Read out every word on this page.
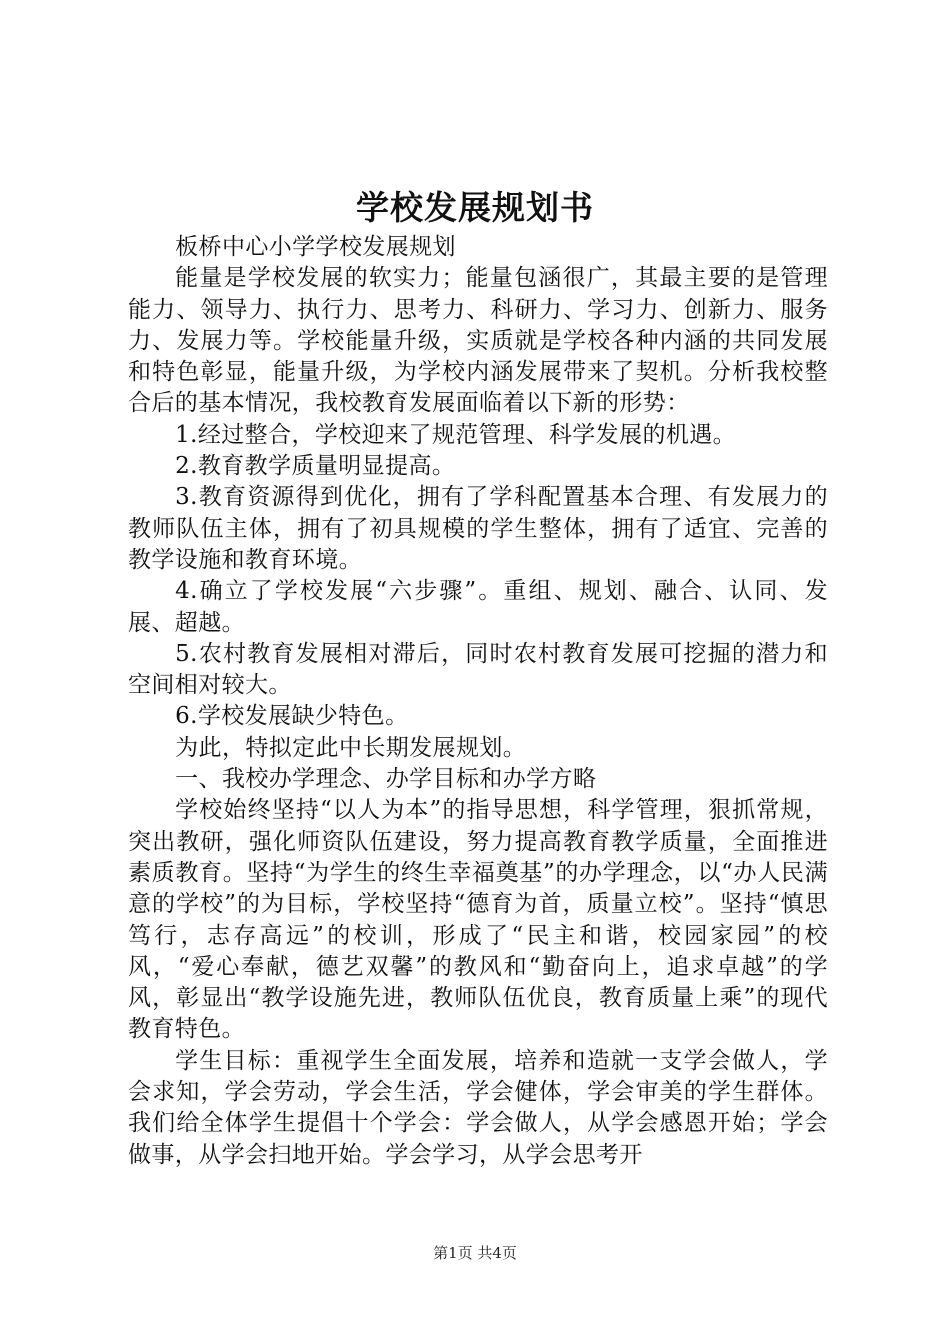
学校发展规划书

板桥中心小学学校发展规划

能量是学校发展的软实力；能量包涵很广，其最主要的是管理能力、领导力、执行力、思考力、科研力、学习力、创新力、服务力、发展力等。学校能量升级，实质就是学校各种内涵的共同发展和特色彰显，能量升级，为学校内涵发展带来了契机。分析我校整合后的基本情况，我校教育发展面临着以下新的形势：

1.经过整合，学校迎来了规范管理、科学发展的机遇。

2.教育教学质量明显提高。

3.教育资源得到优化，拥有了学科配置基本合理、有发展力的教师队伍主体，拥有了初具规模的学生整体，拥有了适宜、完善的教学设施和教育环境。

4.确立了学校发展“六步骤”。重组、规划、融合、认同、发展、超越。

5.农村教育发展相对滞后，同时农村教育发展可挖掘的潜力和空间相对较大。

6.学校发展缺少特色。

为此，特拟定此中长期发展规划。

一、我校办学理念、办学目标和办学方略

学校始终坚持“以人为本”的指导思想，科学管理，狠抓常规，突出教研，强化师资队伍建设，努力提高教育教学质量，全面推进素质教育。坚持“为学生的终生幸福奠基”的办学理念，以“办人民满意的学校”的为目标，学校坚持“德育为首，质量立校”。坚持“慎思笃行，志存高远”的校训，形成了“民主和谐，校园家园”的校风，“爱心奉献，德艺双馨”的教风和“勤奋向上，追求卓越”的学风，彰显出“教学设施先进，教师队伍优良，教育质量上乘”的现代教育特色。

学生目标：重视学生全面发展，培养和造就一支学会做人，学会求知，学会劳动，学会生活，学会健体，学会审美的学生群体。我们给全体学生提倡十个学会：学会做人，从学会感恩开始；学会做事，从学会扫地开始。学会学习，从学会思考开

第1页 共4页
